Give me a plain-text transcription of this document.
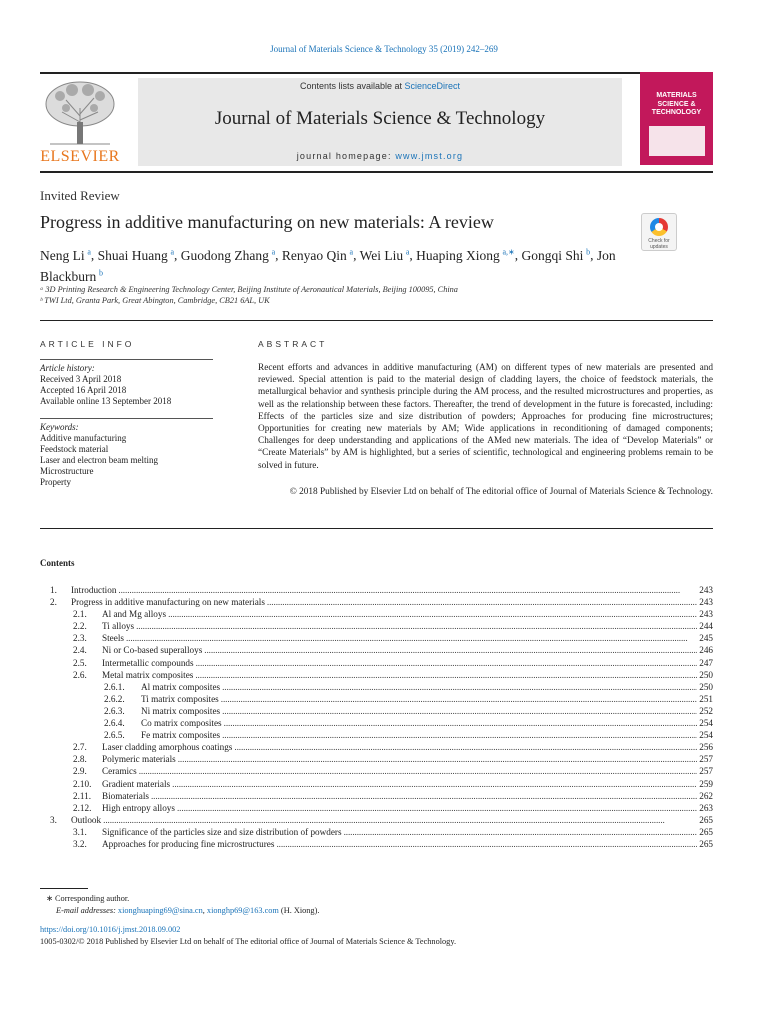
Journal of Materials Science & Technology 35 (2019) 242–269
ELSEVIER
Contents lists available at ScienceDirect
Journal of Materials Science & Technology
journal homepage: www.jmst.org
MATERIALS SCIENCE & TECHNOLOGY
Invited Review
Progress in additive manufacturing on new materials: A review
Check for updates
Neng Li  $^a$, Shuai Huang  $^a$, Guodong Zhang  $^a$, Renyao Qin  $^a$, Wei Liu  $^a$, Huaping Xiong  $^{a,∗}$, Gongqi Shi  $^b$, Jon Blackburn  $^b$
ᵃ 3D Printing Research & Engineering Technology Center, Beijing Institute of Aeronautical Materials, Beijing 100095, China
ᵇ TWI Ltd, Granta Park, Great Abington, Cambridge, CB21 6AL, UK
ARTICLE INFO	ABSTRACT
Article history:
Received 3 April 2018
Accepted 16 April 2018
Available online 13 September 2018
Keywords:
Additive manufacturing
Feedstock material
Laser and electron beam melting
Microstructure
Property
Recent efforts and advances in additive manufacturing (AM) on different types of new materials are presented and reviewed. Special attention is paid to the material design of cladding layers, the choice of feedstock materials, the metallurgical behavior and synthesis principle during the AM process, and the resulted microstructures and properties, as well as the relationship between these factors. Thereafter, the trend of development in the future is forecasted, including: Effects of the particles size and size distribution of powders; Approaches for producing fine microstructures; Opportunities for creating new materials by AM; Wide applications in reconditioning of damaged components; Challenges for deep understanding and applications of the AMed new materials. The idea of “Develop Materials” or “Create Materials” by AM is highlighted, but a series of scientific, technological and engineering problems remain to be solved in future.
© 2018 Published by Elsevier Ltd on behalf of The editorial office of Journal of Materials Science & Technology.
Contents
1.	Introduction . . .	243
2.	Progress in additive manufacturing on new materials . . .	243
2.1.	Al and Mg alloys . . .	243
2.2.	Ti alloys . . .	244
2.3.	Steels . . .	245
2.4.	Ni or Co-based superalloys . . .	246
2.5.	Intermetallic compounds . . .	247
2.6.	Metal matrix composites . . .	250
2.6.1.	Al matrix composites . . .	250
2.6.2.	Ti matrix composites . . .	251
2.6.3.	Ni matrix composites . . .	252
2.6.4.	Co matrix composites . . .	254
2.6.5.	Fe matrix composites . . .	254
2.7.	Laser cladding amorphous coatings . . .	256
2.8.	Polymeric materials . . .	257
2.9.	Ceramics . . .	257
2.10.	Gradient materials . . .	259
2.11.	Biomaterials . . .	262
2.12.	High entropy alloys . . .	263
3.	Outlook . . .	265
3.1.	Significance of the particles size and size distribution of powders . . .	265
3.2.	Approaches for producing fine microstructures . . .	265
∗ Corresponding author.
E-mail addresses: xionghuaping69@sina.cn, xionghp69@163.com (H. Xiong).
https://doi.org/10.1016/j.jmst.2018.09.002
1005-0302/© 2018 Published by Elsevier Ltd on behalf of The editorial office of Journal of Materials Science & Technology.
